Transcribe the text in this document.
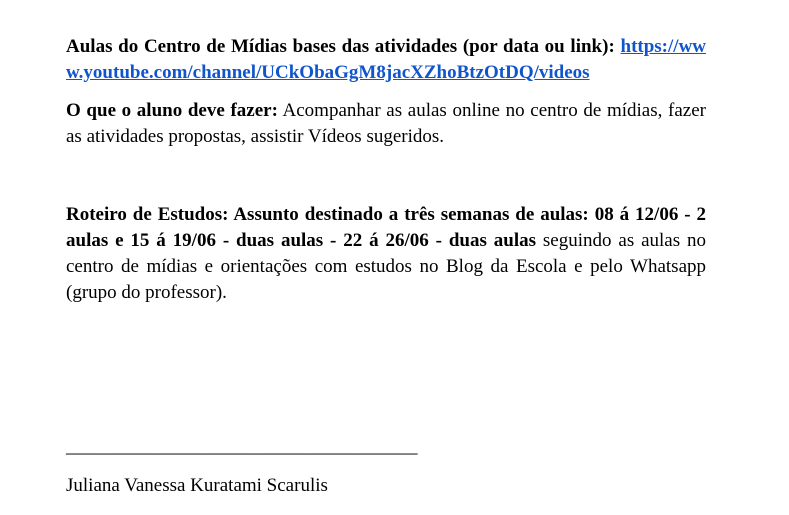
Aulas do Centro de Mídias bases das atividades (por data ou link): https://www.youtube.com/channel/UCkObaGgM8jacXZhoBtzOtDQ/videos

O que o aluno deve fazer: Acompanhar as aulas online no centro de mídias, fazer as atividades propostas, assistir Vídeos sugeridos.

Roteiro de Estudos: Assunto destinado a três semanas de aulas: 08 á 12/06 - 2 aulas e 15 á 19/06 - duas aulas - 22 á 26/06 - duas aulas seguindo as aulas no centro de mídias e orientações com estudos no Blog da Escola e pelo Whatsapp (grupo do professor).

_____________________________________
Juliana Vanessa Kuratami Scarulis
